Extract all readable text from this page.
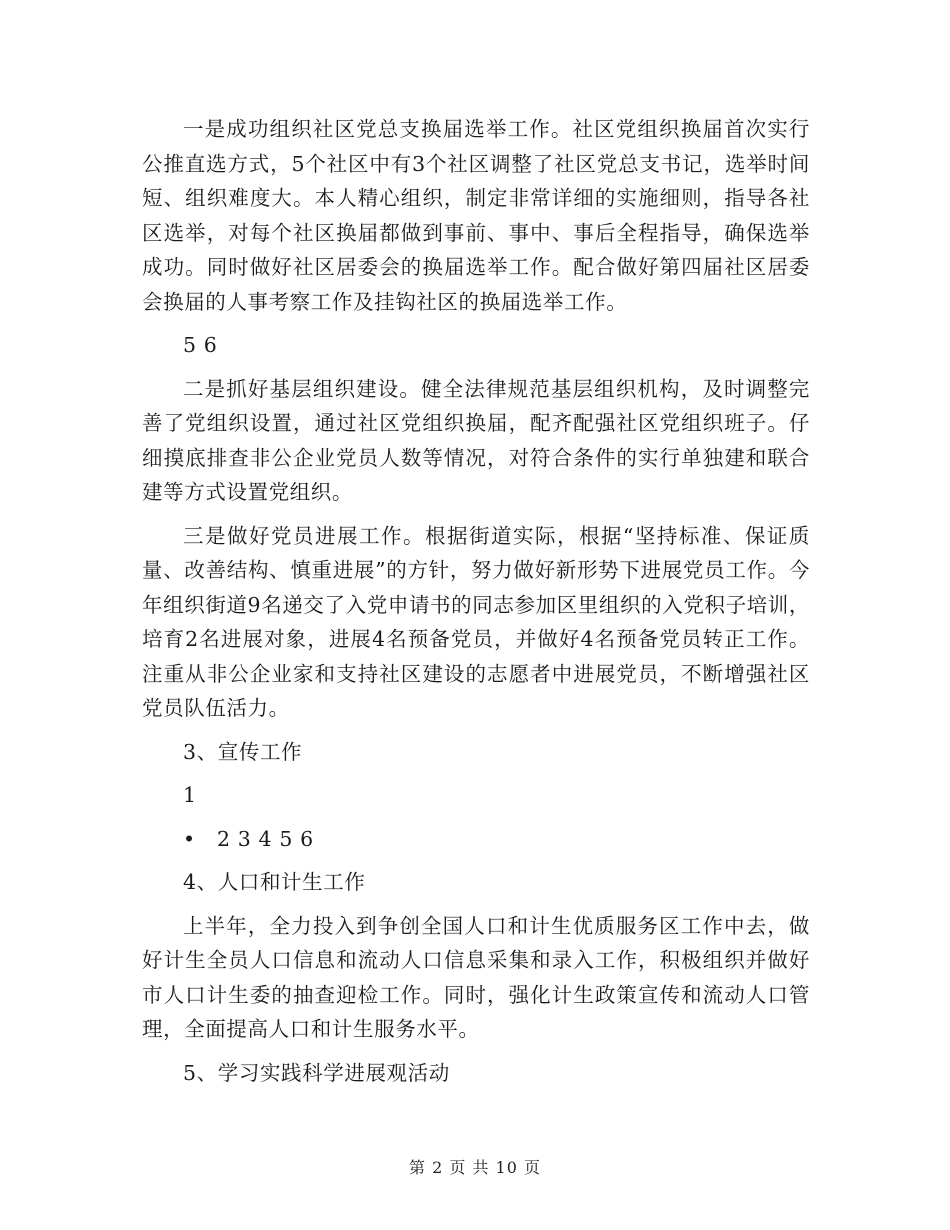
一是成功组织社区党总支换届选举工作。社区党组织换届首次实行公推直选方式，5个社区中有3个社区调整了社区党总支书记，选举时间短、组织难度大。本人精心组织，制定非常详细的实施细则，指导各社区选举，对每个社区换届都做到事前、事中、事后全程指导，确保选举成功。同时做好社区居委会的换届选举工作。配合做好第四届社区居委会换届的人事考察工作及挂钩社区的换届选举工作。

5 6

二是抓好基层组织建设。健全法律规范基层组织机构，及时调整完善了党组织设置，通过社区党组织换届，配齐配强社区党组织班子。仔细摸底排查非公企业党员人数等情况，对符合条件的实行单独建和联合建等方式设置党组织。

三是做好党员进展工作。根据街道实际，根据“坚持标准、保证质量、改善结构、慎重进展”的方针，努力做好新形势下进展党员工作。今年组织街道9名递交了入党申请书的同志参加区里组织的入党积子培训，培育2名进展对象，进展4名预备党员，并做好4名预备党员转正工作。注重从非公企业家和支持社区建设的志愿者中进展党员，不断增强社区党员队伍活力。

3、宣传工作

1

•   2 3 4 5 6

4、人口和计生工作

上半年，全力投入到争创全国人口和计生优质服务区工作中去，做好计生全员人口信息和流动人口信息采集和录入工作，积极组织并做好市人口计生委的抽查迎检工作。同时，强化计生政策宣传和流动人口管理，全面提高人口和计生服务水平。

5、学习实践科学进展观活动

第 2 页 共 10 页
